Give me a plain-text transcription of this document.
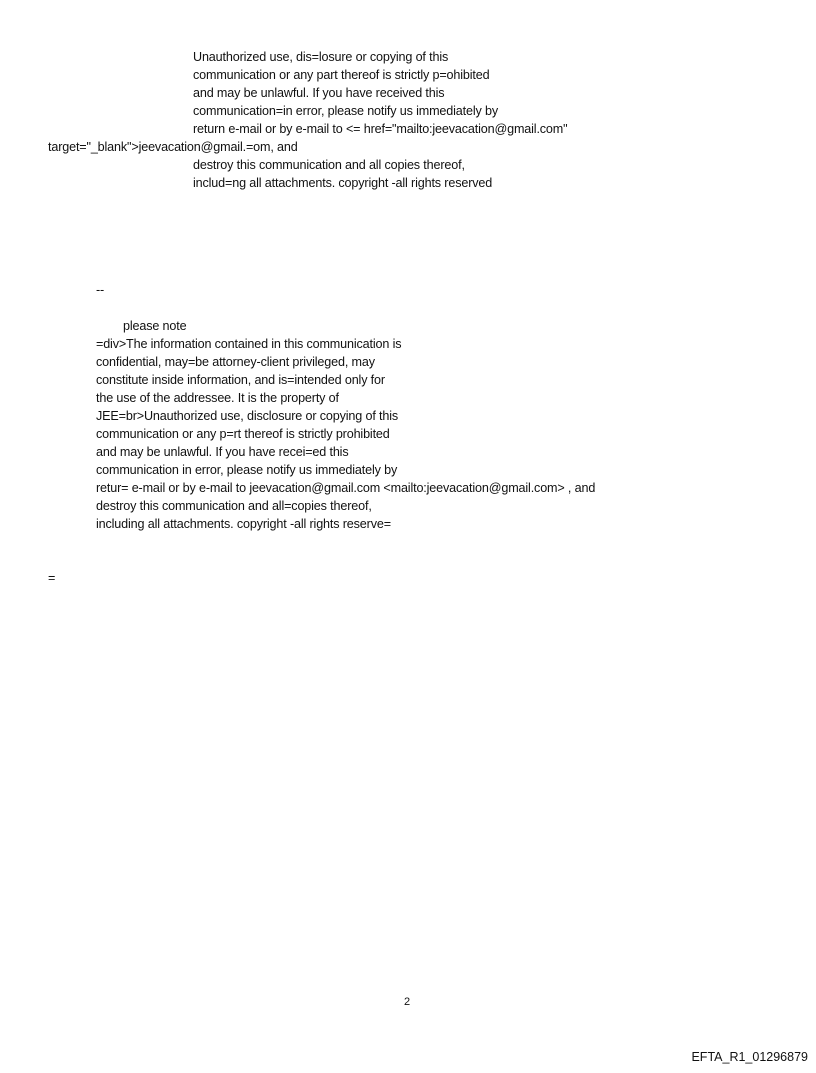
Unauthorized use, dis=losure or copying of this
communication or any part thereof is strictly p=ohibited
and may be unlawful. If you have received this
communication=in error, please notify us immediately by
return e-mail or by e-mail to <= href="mailto:jeevacation@gmail.com"
target="_blank">jeevacation@gmail.=om, and
destroy this communication and all copies thereof,
includ=ng all attachments. copyright -all rights reserved
--
please note
=div>The information contained in this communication is
confidential, may=be attorney-client privileged, may
constitute inside information, and is=intended only for
the use of the addressee. It is the property of
JEE=br>Unauthorized use, disclosure or copying of this
communication or any p=rt thereof is strictly prohibited
and may be unlawful. If you have recei=ed this
communication in error, please notify us immediately by
retur= e-mail or by e-mail to jeevacation@gmail.com <mailto:jeevacation@gmail.com> , and
destroy this communication and all=copies thereof,
including all attachments. copyright -all rights reserve=
=
2
EFTA_R1_01296879
